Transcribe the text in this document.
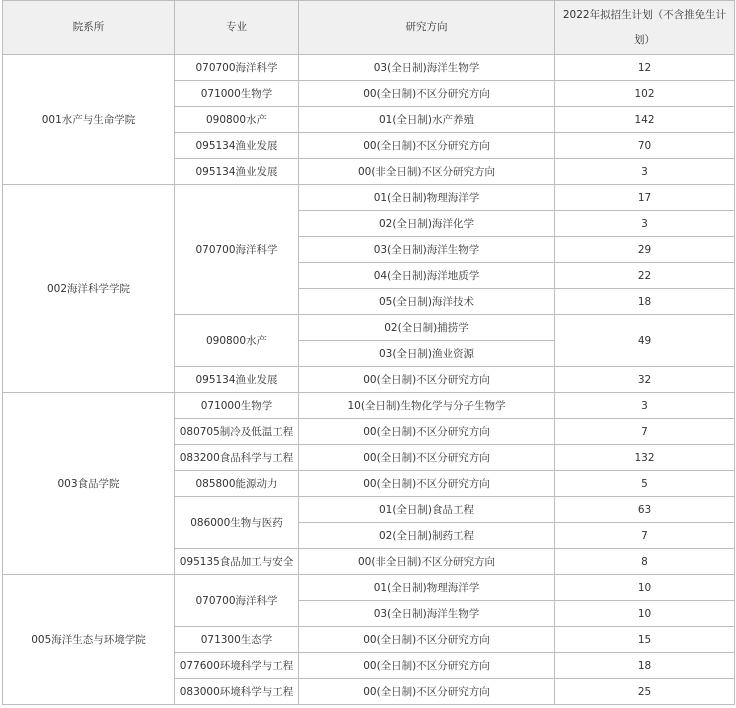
院系所	专业	研究方向	2022年拟招生计划（不含推免生计划）
001水产与生命学院	070700海洋科学	03(全日制)海洋生物学	12
	071000生物学	00(全日制)不区分研究方向	102
	090800水产	01(全日制)水产养殖	142
	095134渔业发展	00(全日制)不区分研究方向	70
	095134渔业发展	00(非全日制)不区分研究方向	3
002海洋科学学院	070700海洋科学	01(全日制)物理海洋学	17
		02(全日制)海洋化学	3
		03(全日制)海洋生物学	29
		04(全日制)海洋地质学	22
		05(全日制)海洋技术	18
	090800水产	02(全日制)捕捞学	49
		03(全日制)渔业资源	
	095134渔业发展	00(全日制)不区分研究方向	32
003食品学院	071000生物学	10(全日制)生物化学与分子生物学	3
	080705制冷及低温工程	00(全日制)不区分研究方向	7
	083200食品科学与工程	00(全日制)不区分研究方向	132
	085800能源动力	00(全日制)不区分研究方向	5
	086000生物与医药	01(全日制)食品工程	63
		02(全日制)制药工程	7
	095135食品加工与安全	00(非全日制)不区分研究方向	8
005海洋生态与环境学院	070700海洋科学	01(全日制)物理海洋学	10
		03(全日制)海洋生物学	10
	071300生态学	00(全日制)不区分研究方向	15
	077600环境科学与工程	00(全日制)不区分研究方向	18
	083000环境科学与工程	00(全日制)不区分研究方向	25
